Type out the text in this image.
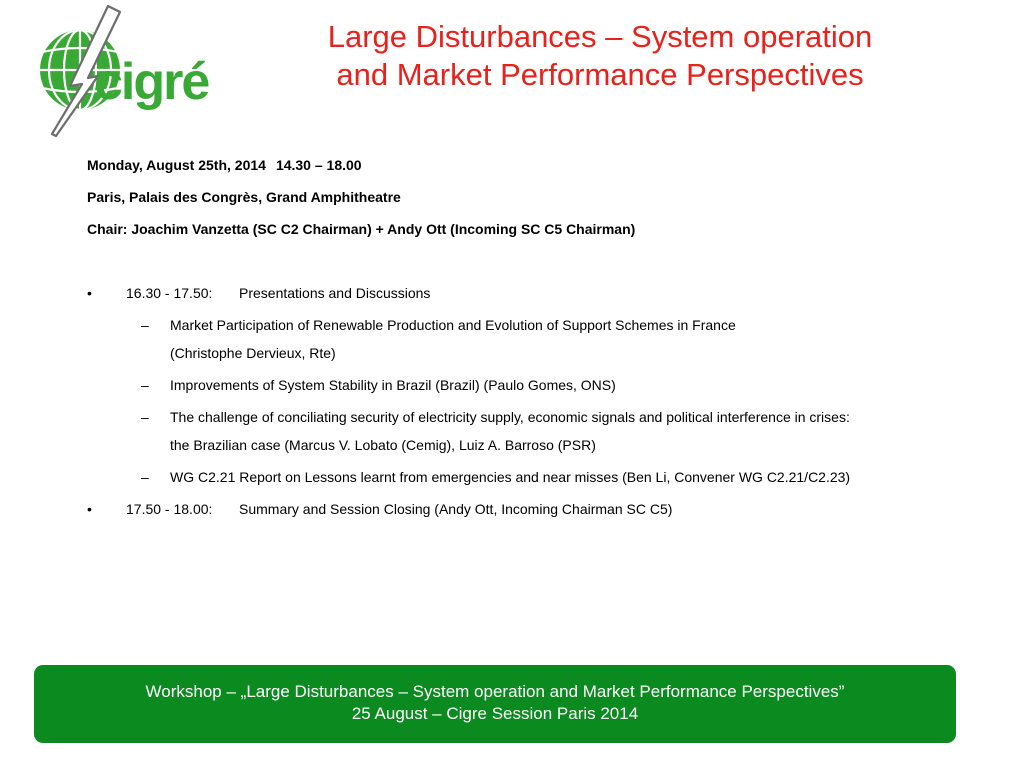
cigré
Large Disturbances – System operation
and Market Performance Perspectives
Monday, August 25th, 2014 14.30 – 18.00
Paris, Palais des Congrès, Grand Amphitheatre
Chair: Joachim Vanzetta (SC C2 Chairman) + Andy Ott (Incoming SC C5 Chairman)
•	16.30 - 17.50: Presentations and Discussions
– Market Participation of Renewable Production and Evolution of Support Schemes in France
(Christophe Dervieux, Rte)
– Improvements of System Stability in Brazil (Brazil) (Paulo Gomes, ONS)
– The challenge of conciliating security of electricity supply, economic signals and political interference in crises:
the Brazilian case (Marcus V. Lobato (Cemig), Luiz A. Barroso (PSR)
– WG C2.21 Report on Lessons learnt from emergencies and near misses (Ben Li, Convener WG C2.21/C2.23)
•	17.50 - 18.00: Summary and Session Closing (Andy Ott, Incoming Chairman SC C5)
Workshop – „Large Disturbances – System operation and Market Performance Perspectives”
25 August – Cigre Session Paris 2014
